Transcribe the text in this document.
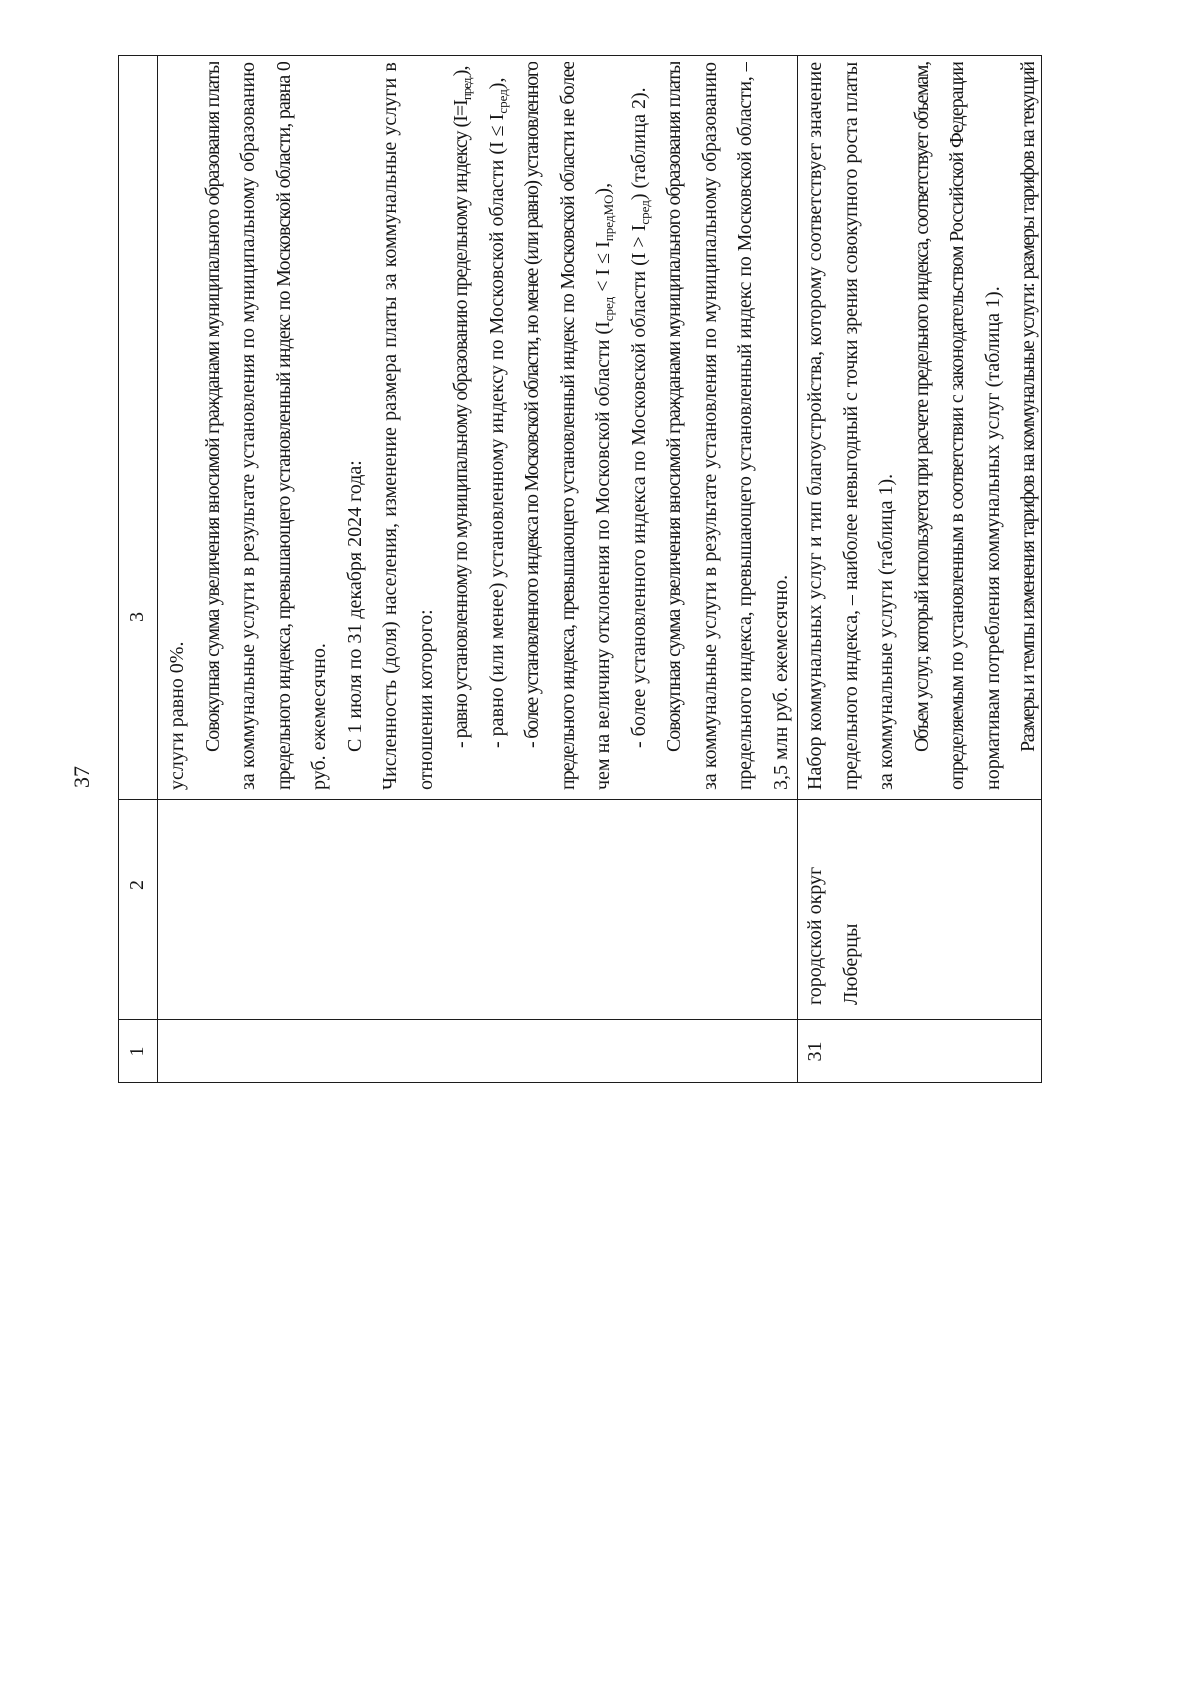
37
1
2
3
услуги равно 0%. Совокупная сумма увеличения вносимой гражданами муниципального образования платы за коммунальные услуги в результате установления по муниципальному образованию предельного индекса, превышающего установленный индекс по Московской области, равна 0 руб. ежемесячно. С 1 июля по 31 декабря 2024 года: Численность (доля) населения, изменение размера платы за коммунальные услуги в отношении которого: - равно установленному по муниципальному образованию предельному индексу $(I=I_{пред.})$,
- равно (или менее) установленному индексу по Московской области $(I \le I_{сред})$, - более установленного индекса по Московской области, но менее (или равно) установленного предельного индекса, превышающего установленный индекс по Московской области не более чем на величину отклонения по Московской области $(I_{сред} < I \le I_{предМО})$,
- более установленного индекса по Московской области $(I > I_{сред})$ (таблица 2). Совокупная сумма увеличения вносимой гражданами муниципального образования платы за коммунальные услуги в результате установления по муниципальному образованию предельного индекса, превышающего установленный индекс по Московской области, – 3,5 млн руб. ежемесячно.
31
городской округ Люберцы
Набор коммунальных услуг и тип благоустройства, которому соответствует значение предельного индекса, – наиболее невыгодный с точки зрения совокупного роста платы за коммунальные услуги (таблица 1). Объем услуг, который используется при расчете предельного индекса, соответствует объемам, определяемым по установленным в соответствии с законодательством Российской Федерации нормативам потребления коммунальных услуг (таблица 1). Размеры и темпы изменения тарифов на коммунальные услуги: размеры тарифов на текущий
